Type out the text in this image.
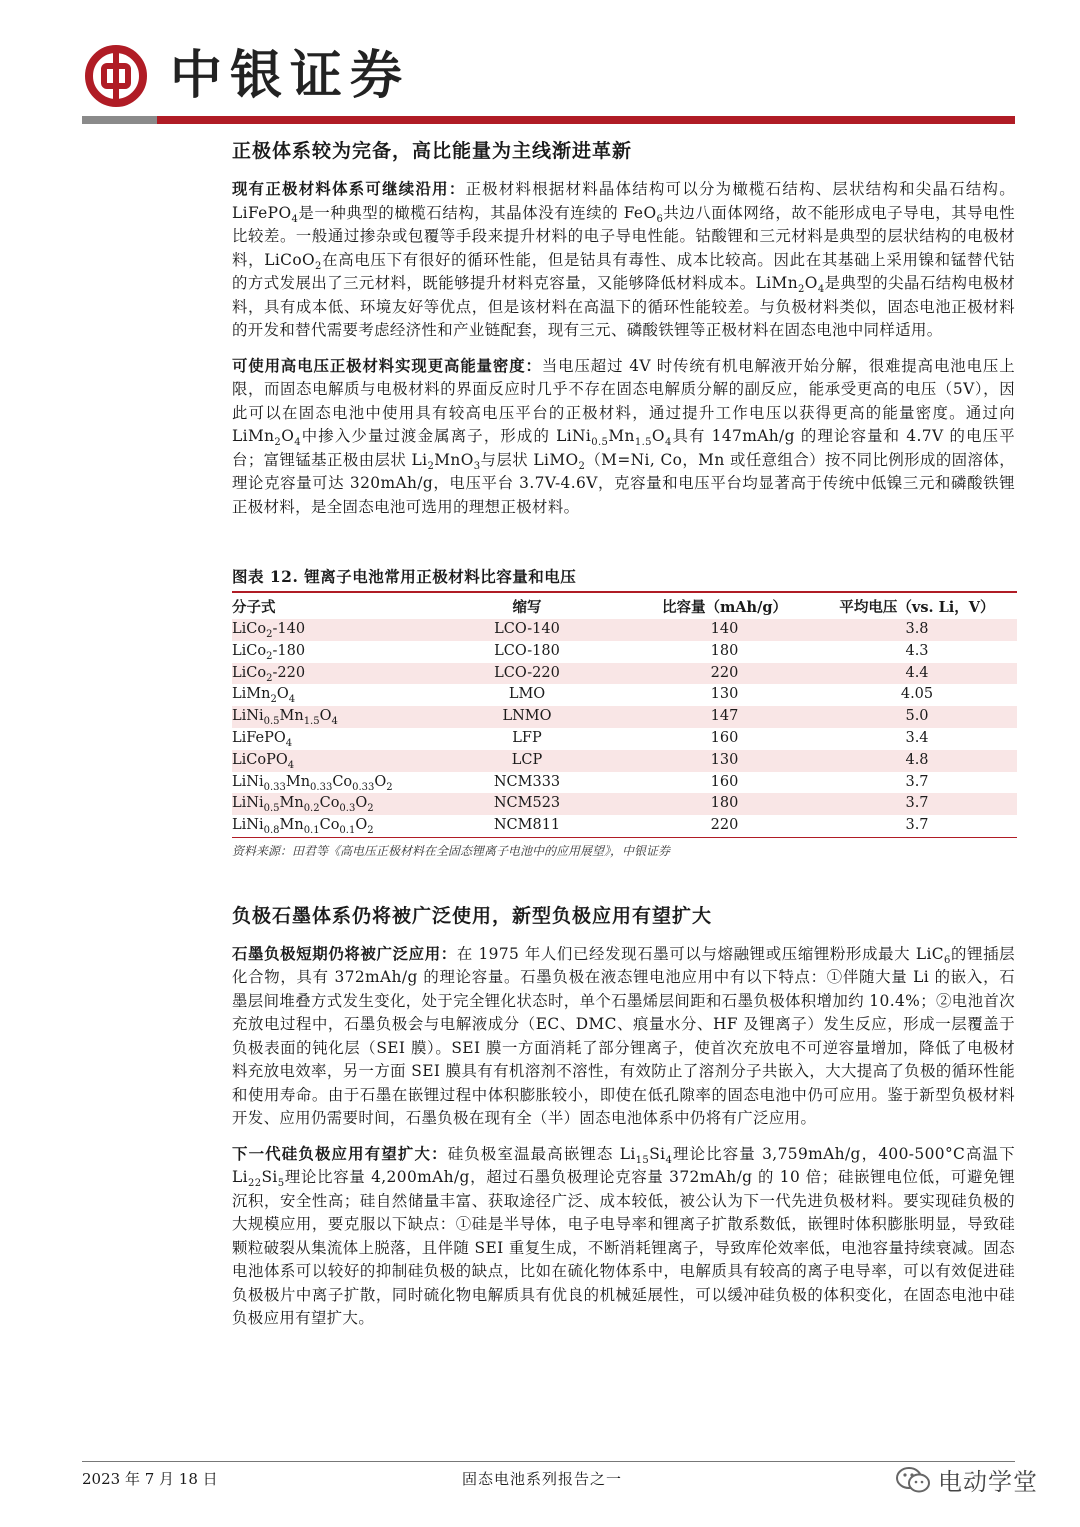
中银证券
正极体系较为完备，高比能量为主线渐进革新

现有正极材料体系可继续沿用：正极材料根据材料晶体结构可以分为橄榄石结构、层状结构和尖晶石结构。LiFePO$_4$是一种典型的橄榄石结构，其晶体没有连续的 FeO$_6$共边八面体网络，故不能形成电子导电，其导电性比较差。一般通过掺杂或包覆等手段来提升材料的电子导电性能。钴酸锂和三元材料是典型的层状结构的电极材料，LiCoO$_2$在高电压下有很好的循环性能，但是钴具有毒性、成本比较高。因此在其基础上采用镍和锰替代钴的方式发展出了三元材料，既能够提升材料克容量，又能够降低材料成本。$LiMn_2O_4$是典型的尖晶石结构电极材料，具有成本低、环境友好等优点，但是该材料在高温下的循环性能较差。与负极材料类似，固态电池正极材料的开发和替代需要考虑经济性和产业链配套，现有三元、磷酸铁锂等正极材料在固态电池中同样适用。

可使用高电压正极材料实现更高能量密度：当电压超过 4V 时传统有机电解液开始分解，很难提高电池电压上限，而固态电解质与电极材料的界面反应时几乎不存在固态电解质分解的副反应，能承受更高的电压（5V），因此可以在固态电池中使用具有较高电压平台的正极材料，通过提升工作电压以获得更高的能量密度。通过向 $LiMn_2O_4$中掺入少量过渡金属离子，形成的 $LiNi_{0.5}Mn_{1.5}O_4$具有 147mAh/g 的理论容量和 4.7V 的电压平台；富锂锰基正极由层状 $Li_2MnO_3$与层状 LiMO$_2$（M=Ni, Co，Mn 或任意组合）按不同比例形成的固溶体，理论克容量可达 320mAh/g，电压平台 3.7V-4.6V，克容量和电压平台均显著高于传统中低镍三元和磷酸铁锂正极材料，是全固态电池可选用的理想正极材料。

图表 12. 锂离子电池常用正极材料比容量和电压
分子式	缩写	比容量（mAh/g）	平均电压（vs. Li，V）
LiCo$_2$-140	LCO-140	140	3.8
LiCo$_2$-180	LCO-180	180	4.3
LiCo$_2$-220	LCO-220	220	4.4
$LiMn_2O_4$	LMO	130	4.05
$LiNi_{0.5}Mn_{1.5}O_4$	LNMO	147	5.0
LiFePO$_4$	LFP	160	3.4
LiCoPO$_4$	LCP	130	4.8
$LiNi_{0.33}Mn_{0.33}Co_{0.33}O_2$	NCM333	160	3.7
$LiNi_{0.5}Mn_{0.2}Co_{0.3}O_2$	NCM523	180	3.7
$LiNi_{0.8}Mn_{0.1}Co_{0.1}O_2$	NCM811	220	3.7
资料来源：田君等《高电压正极材料在全固态锂离子电池中的应用展望》，中银证券
负极石墨体系仍将被广泛使用，新型负极应用有望扩大

石墨负极短期仍将被广泛应用：在 1975 年人们已经发现石墨可以与熔融锂或压缩锂粉形成最大 LiC$_6$的锂插层化合物，具有 372mAh/g 的理论容量。石墨负极在液态锂电池应用中有以下特点：①伴随大量 Li 的嵌入，石墨层间堆叠方式发生变化，处于完全锂化状态时，单个石墨烯层间距和石墨负极体积增加约 10.4%；②电池首次充放电过程中，石墨负极会与电解液成分（EC、DMC、痕量水分、HF 及锂离子）发生反应，形成一层覆盖于负极表面的钝化层（SEI 膜）。SEI 膜一方面消耗了部分锂离子，使首次充放电不可逆容量增加，降低了电极材料充放电效率，另一方面 SEI 膜具有有机溶剂不溶性，有效防止了溶剂分子共嵌入，大大提高了负极的循环性能和使用寿命。由于石墨在嵌锂过程中体积膨胀较小，即使在低孔隙率的固态电池中仍可应用。鉴于新型负极材料开发、应用仍需要时间，石墨负极在现有全（半）固态电池体系中仍将有广泛应用。

下一代硅负极应用有望扩大：硅负极室温最高嵌锂态 $Li_{15}Si_4$理论比容量 3,759mAh/g，400-500°C高温下 $Li_{22}Si_5$理论比容量 4,200mAh/g，超过石墨负极理论克容量 372mAh/g 的 10 倍；硅嵌锂电位低，可避免锂沉积，安全性高；硅自然储量丰富、获取途径广泛、成本较低，被公认为下一代先进负极材料。要实现硅负极的大规模应用，要克服以下缺点：①硅是半导体，电子电导率和锂离子扩散系数低，嵌锂时体积膨胀明显，导致硅颗粒破裂从集流体上脱落，且伴随 SEI 重复生成，不断消耗锂离子，导致库伦效率低，电池容量持续衰减。固态电池体系可以较好的抑制硅负极的缺点，比如在硫化物体系中，电解质具有较高的离子电导率，可以有效促进硅负极极片中离子扩散，同时硫化物电解质具有优良的机械延展性，可以缓冲硅负极的体积变化，在固态电池中硅负极应用有望扩大。

2023 年 7 月 18 日	固态电池系列报告之一	电动学堂
